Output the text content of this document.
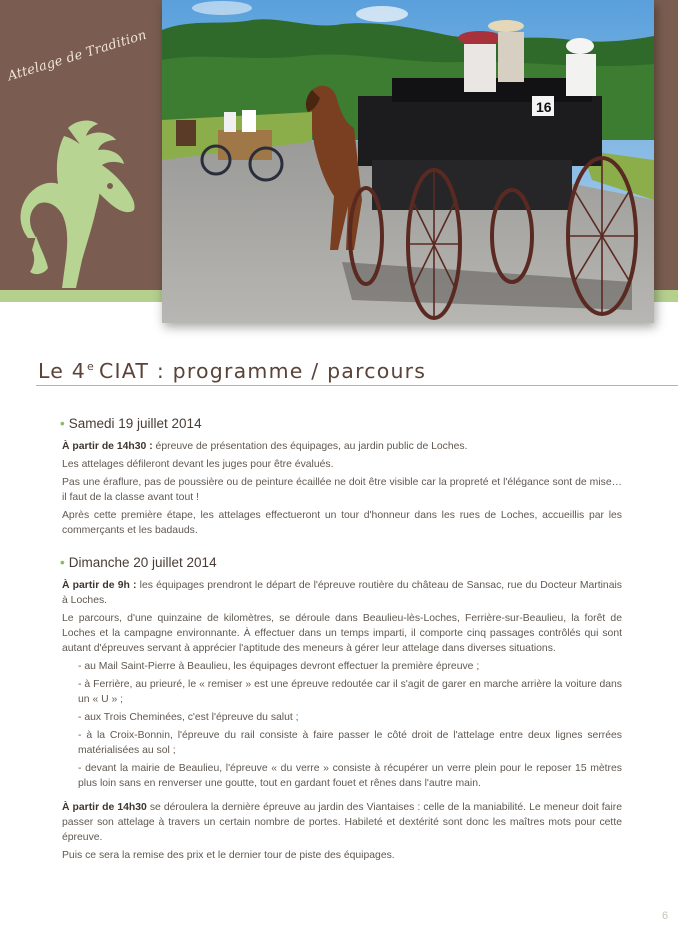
Attelage de Tradition
16
Le 4e CIAT : programme / parcours
• Samedi 19 juillet 2014

À partir de 14h30 : épreuve de présentation des équipages, au jardin public de Loches.

Les attelages défileront devant les juges pour être évalués.

Pas une éraflure, pas de poussière ou de peinture écaillée ne doit être visible car la propreté et l'élégance sont de mise… il faut de la classe avant tout !

Après cette première étape, les attelages effectueront un tour d'honneur dans les rues de Loches, accueillis par les commerçants et les badauds.

• Dimanche 20 juillet 2014

À partir de 9h : les équipages prendront le départ de l'épreuve routière du château de Sansac, rue du Docteur Martinais à Loches.

Le parcours, d'une quinzaine de kilomètres, se déroule dans Beaulieu-lès-Loches, Ferrière-sur-Beaulieu, la forêt de Loches et la campagne environnante. À effectuer dans un temps imparti, il comporte cinq passages contrôlés qui sont autant d'épreuves servant à apprécier l'aptitude des meneurs à gérer leur attelage dans diverses situations.

- au Mail Saint-Pierre à Beaulieu, les équipages devront effectuer la première épreuve ;

- à Ferrière, au prieuré, le « remiser » est une épreuve redoutée car il s'agit de garer en marche arrière la voiture dans un « U » ;

- aux Trois Cheminées, c'est l'épreuve du salut ;

- à la Croix-Bonnin, l'épreuve du rail consiste à faire passer le côté droit de l'attelage entre deux lignes serrées matérialisées au sol ;

- devant la mairie de Beaulieu, l'épreuve « du verre » consiste à récupérer un verre plein pour le reposer 15 mètres plus loin sans en renverser une goutte, tout en gardant fouet et rênes dans l'autre main.

À partir de 14h30 se déroulera la dernière épreuve au jardin des Viantaises : celle de la maniabilité. Le meneur doit faire passer son attelage à travers un certain nombre de portes. Habileté et dextérité sont donc les maîtres mots pour cette épreuve.

Puis ce sera la remise des prix et le dernier tour de piste des équipages.

6
